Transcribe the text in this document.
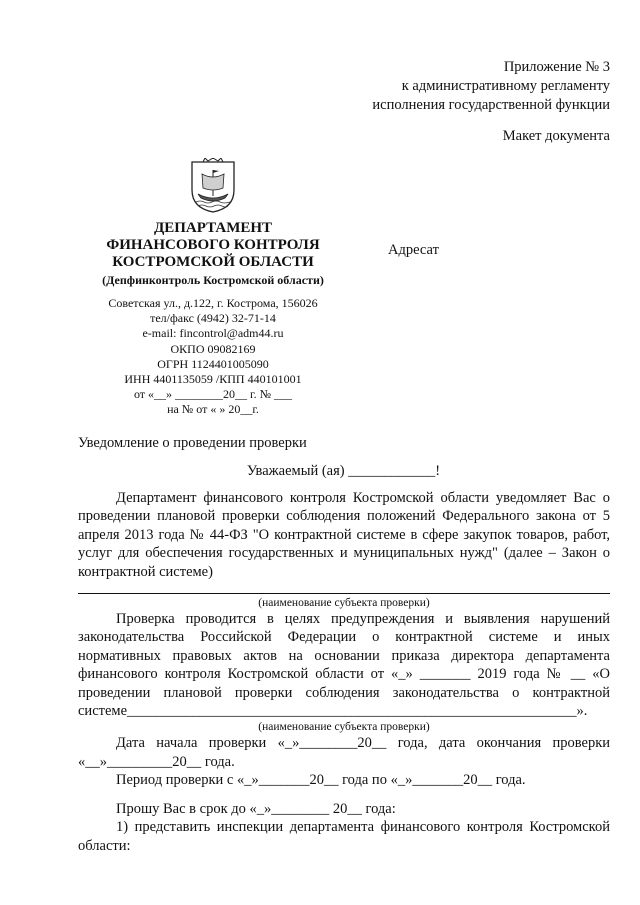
Приложение № 3
к административному регламенту
исполнения государственной функции
Макет документа
ДЕПАРТАМЕНТ
ФИНАНСОВОГО КОНТРОЛЯ
КОСТРОМСКОЙ ОБЛАСТИ
(Депфинконтроль Костромской области)
Советская ул., д.122, г. Кострома, 156026
тел/факс (4942) 32-71-14
e-mail: fincontrol@adm44.ru
ОКПО 09082169
ОГРН 1124401005090
ИНН 4401135059 /КПП 440101001
от «__» ________20__ г. № ___
на № от « » 20__г.
Адресат
Уведомление о проведении проверки
Уважаемый (ая) ____________!

Департамент финансового контроля Костромской области уведомляет Вас о проведении плановой проверки соблюдения положений Федерального закона от 5 апреля 2013 года № 44-ФЗ "О контрактной системе в сфере закупок товаров, работ, услуг для обеспечения государственных и муниципальных нужд" (далее – Закон о контрактной системе)

(наименование субъекта проверки)

Проверка проводится в целях предупреждения и выявления нарушений законодательства Российской Федерации о контрактной системе и иных нормативных правовых актов на основании приказа директора департамента финансового контроля Костромской области от «_» _______ 2019 года № __ «О проведении плановой проверки соблюдения законодательства о контрактной системе______________________________________________________________».

(наименование субъекта проверки)

Дата начала проверки «_»________20__ года, дата окончания проверки «__»_________20__ года.

Период проверки с «_»_______20__ года по «_»_______20__ года.

Прошу Вас в срок до «_»________ 20__ года:

1) представить инспекции департамента финансового контроля Костромской области:
